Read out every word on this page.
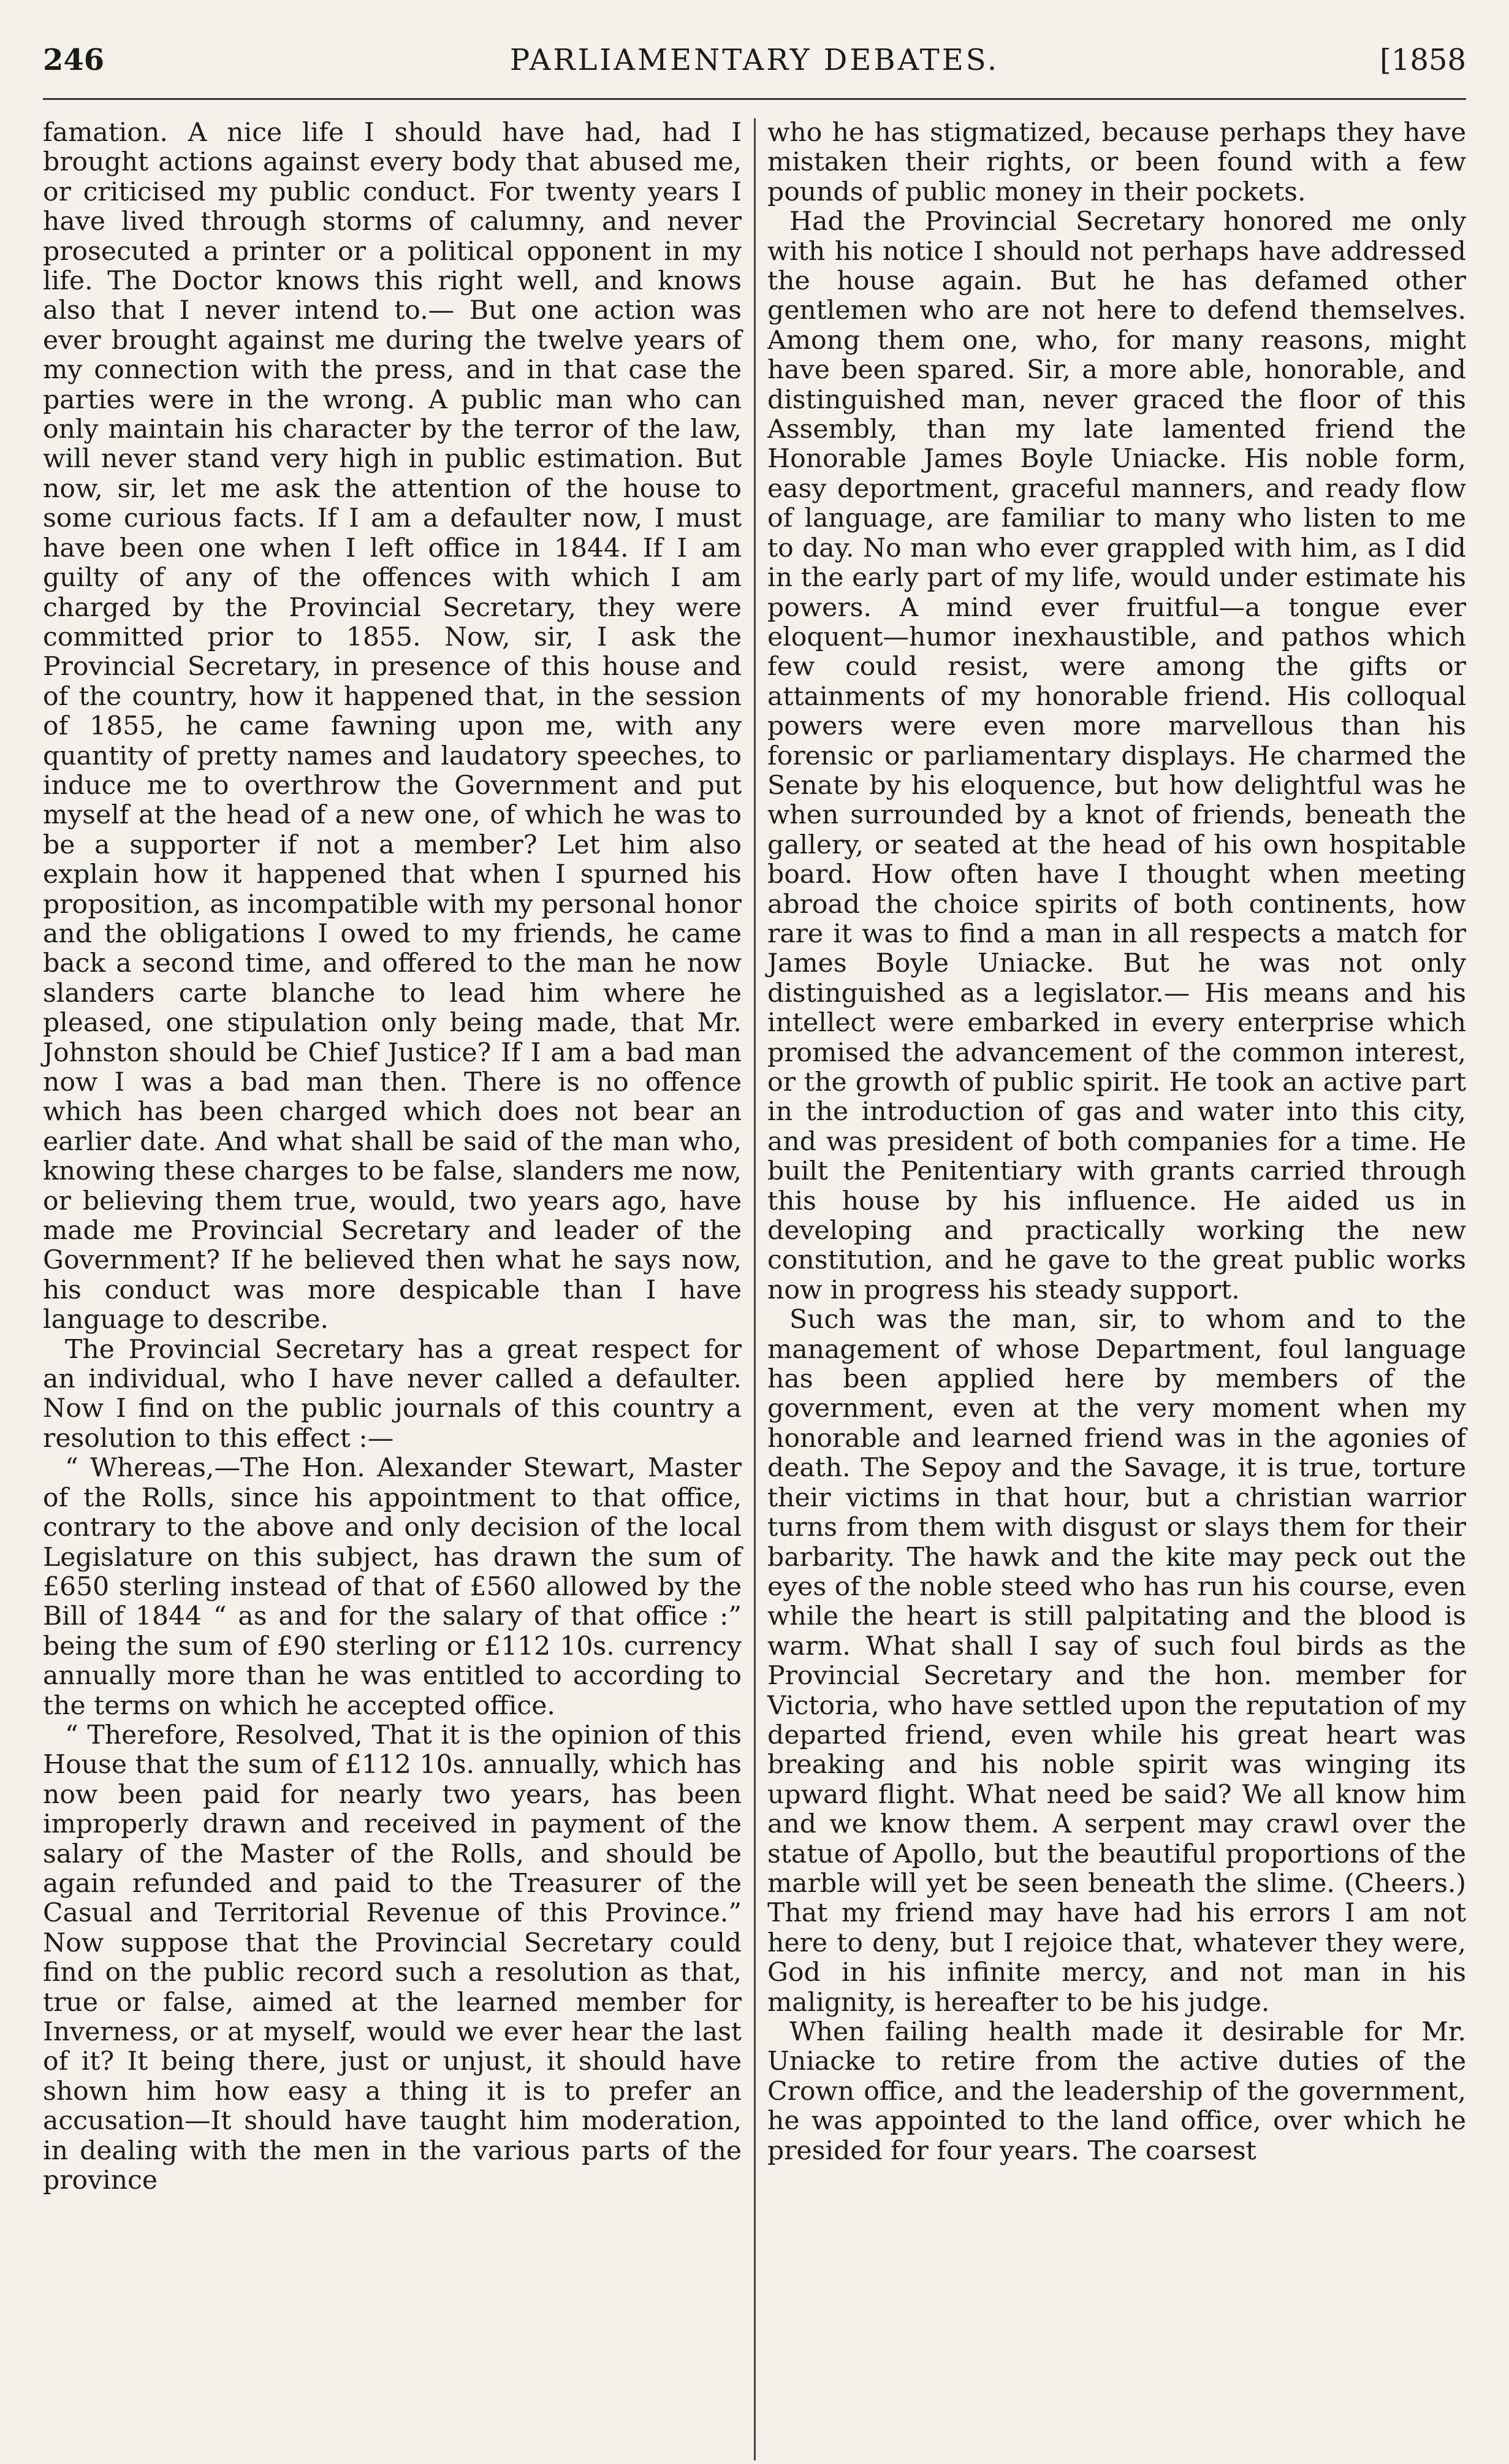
246	PARLIAMENTARY DEBATES.	[1858

famation. A nice life I should have had, had I brought actions against every body that abused me, or criticised my public conduct. For twenty years I have lived through storms of calumny, and never prosecuted a printer or a political opponent in my life. The Doctor knows this right well, and knows also that I never intend to.— But one action was ever brought against me during the twelve years of my connection with the press, and in that case the parties were in the wrong. A public man who can only maintain his character by the terror of the law, will never stand very high in public estimation. But now, sir, let me ask the attention of the house to some curious facts. If I am a defaulter now, I must have been one when I left office in 1844. If I am guilty of any of the offences with which I am charged by the Provincial Secretary, they were committed prior to 1855. Now, sir, I ask the Provincial Secretary, in presence of this house and of the country, how it happened that, in the session of 1855, he came fawning upon me, with any quantity of pretty names and laudatory speeches, to induce me to overthrow the Government and put myself at the head of a new one, of which he was to be a supporter if not a member? Let him also explain how it happened that when I spurned his proposition, as incompatible with my personal honor and the obligations I owed to my friends, he came back a second time, and offered to the man he now slanders carte blanche to lead him where he pleased, one stipulation only being made, that Mr. Johnston should be Chief Justice? If I am a bad man now I was a bad man then. There is no offence which has been charged which does not bear an earlier date. And what shall be said of the man who, knowing these charges to be false, slanders me now, or believing them true, would, two years ago, have made me Provincial Secretary and leader of the Government? If he believed then what he says now, his conduct was more despicable than I have language to describe.

The Provincial Secretary has a great respect for an individual, who I have never called a defaulter. Now I find on the public journals of this country a resolution to this effect :—

“ Whereas,—The Hon. Alexander Stewart, Master of the Rolls, since his appointment to that office, contrary to the above and only decision of the local Legislature on this subject, has drawn the sum of £650 sterling instead of that of £560 allowed by the Bill of 1844 “ as and for the salary of that office :” being the sum of £90 sterling or £112 10s. currency annually more than he was entitled to according to the terms on which he accepted office.

“ Therefore, Resolved, That it is the opinion of this House that the sum of £112 10s. annually, which has now been paid for nearly two years, has been improperly drawn and received in payment of the salary of the Master of the Rolls, and should be again refunded and paid to the Treasurer of the Casual and Territorial Revenue of this Province.” Now suppose that the Provincial Secretary could find on the public record such a resolution as that, true or false, aimed at the learned member for Inverness, or at myself, would we ever hear the last of it? It being there, just or unjust, it should have shown him how easy a thing it is to prefer an accusation—It should have taught him moderation, in dealing with the men in the various parts of the province

who he has stigmatized, because perhaps they have mistaken their rights, or been found with a few pounds of public money in their pockets.

Had the Provincial Secretary honored me only with his notice I should not perhaps have addressed the house again. But he has defamed other gentlemen who are not here to defend themselves. Among them one, who, for many reasons, might have been spared. Sir, a more able, honorable, and distinguished man, never graced the floor of this Assembly, than my late lamented friend the Honorable James Boyle Uniacke. His noble form, easy deportment, graceful manners, and ready flow of language, are familiar to many who listen to me to day. No man who ever grappled with him, as I did in the early part of my life, would under estimate his powers. A mind ever fruitful—a tongue ever eloquent—humor inexhaustible, and pathos which few could resist, were among the gifts or attainments of my honorable friend. His colloqual powers were even more marvellous than his forensic or parliamentary displays. He charmed the Senate by his eloquence, but how delightful was he when surrounded by a knot of friends, beneath the gallery, or seated at the head of his own hospitable board. How often have I thought when meeting abroad the choice spirits of both continents, how rare it was to find a man in all respects a match for James Boyle Uniacke. But he was not only distinguished as a legislator.— His means and his intellect were embarked in every enterprise which promised the advancement of the common interest, or the growth of public spirit. He took an active part in the introduction of gas and water into this city, and was president of both companies for a time. He built the Penitentiary with grants carried through this house by his influence. He aided us in developing and practically working the new constitution, and he gave to the great public works now in progress his steady support.

Such was the man, sir, to whom and to the management of whose Department, foul language has been applied here by members of the government, even at the very moment when my honorable and learned friend was in the agonies of death. The Sepoy and the Savage, it is true, torture their victims in that hour, but a christian warrior turns from them with disgust or slays them for their barbarity. The hawk and the kite may peck out the eyes of the noble steed who has run his course, even while the heart is still palpitating and the blood is warm. What shall I say of such foul birds as the Provincial Secretary and the hon. member for Victoria, who have settled upon the reputation of my departed friend, even while his great heart was breaking and his noble spirit was winging its upward flight. What need be said? We all know him and we know them. A serpent may crawl over the statue of Apollo, but the beautiful proportions of the marble will yet be seen beneath the slime. (Cheers.) That my friend may have had his errors I am not here to deny, but I rejoice that, whatever they were, God in his infinite mercy, and not man in his malignity, is hereafter to be his judge.

When failing health made it desirable for Mr. Uniacke to retire from the active duties of the Crown office, and the leadership of the government, he was appointed to the land office, over which he presided for four years. The coarsest
